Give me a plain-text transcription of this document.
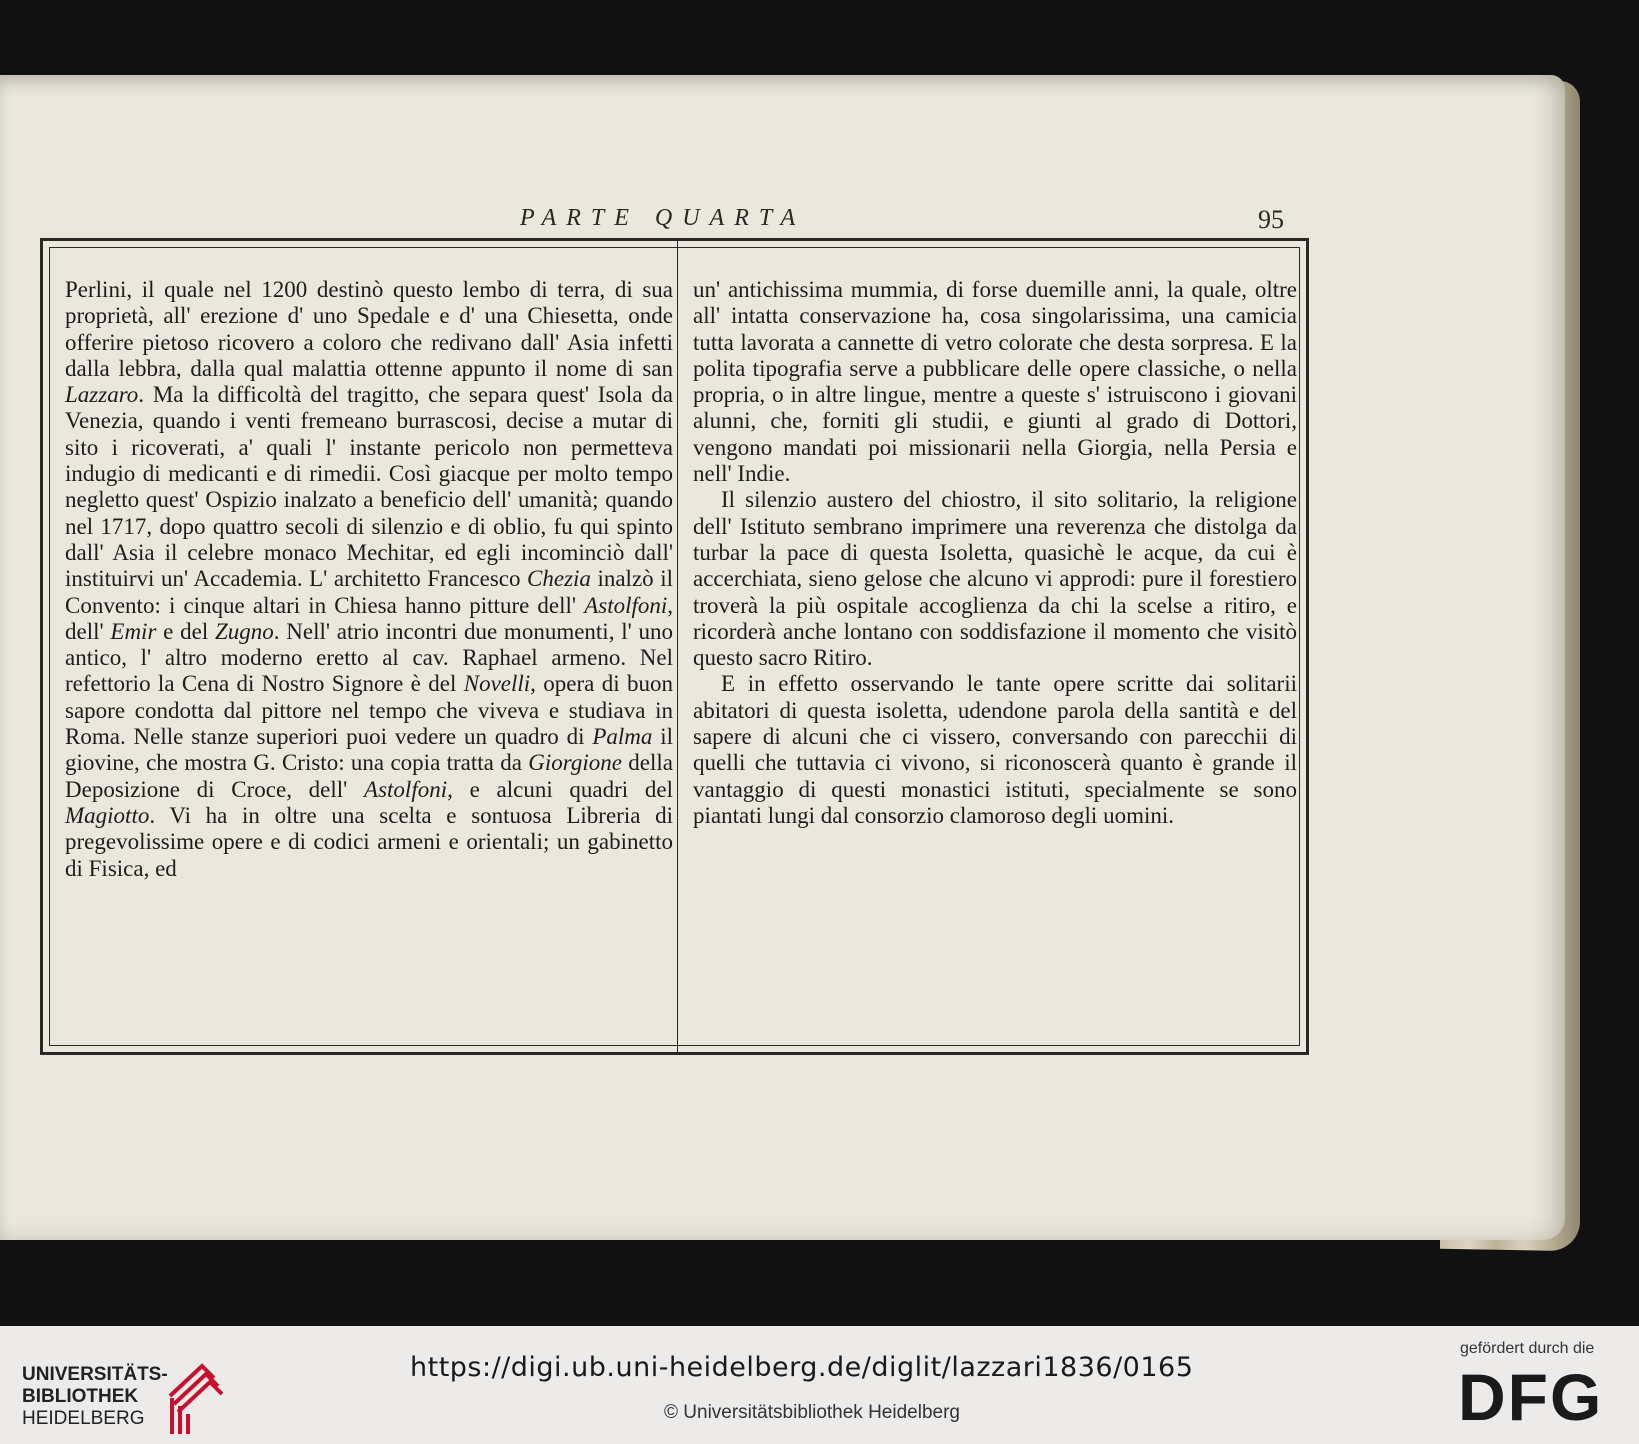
PARTE QUARTA	95

Perlini, il quale nel 1200 destinò questo lembo di terra, di sua proprietà, all' erezione d' uno Spedale e d' una Chiesetta, onde offerire pietoso ricovero a coloro che redivano dall' Asia infetti dalla lebbra, dalla qual malattia ottenne appunto il nome di san Lazzaro. Ma la difficoltà del tragitto, che separa quest' Isola da Venezia, quando i venti fremeano burrascosi, decise a mutar di sito i ricoverati, a' quali l' instante pericolo non permetteva indugio di medicanti e di rimedii. Così giacque per molto tempo negletto quest' Ospizio inalzato a beneficio dell' umanità; quando nel 1717, dopo quattro secoli di silenzio e di oblio, fu qui spinto dall' Asia il celebre monaco Mechitar, ed egli incominciò dall' instituirvi un' Accademia. L' architetto Francesco Chezia inalzò il Convento: i cinque altari in Chiesa hanno pitture dell' Astolfoni, dell' Emir e del Zugno. Nell' atrio incontri due monumenti, l' uno antico, l' altro moderno eretto al cav. Raphael armeno. Nel refettorio la Cena di Nostro Signore è del Novelli, opera di buon sapore condotta dal pittore nel tempo che viveva e studiava in Roma. Nelle stanze superiori puoi vedere un quadro di Palma il giovine, che mostra G. Cristo: una copia tratta da Giorgione della Deposizione di Croce, dell' Astolfoni, e alcuni quadri del Magiotto. Vi ha in oltre una scelta e sontuosa Libreria di pregevolissime opere e di codici armeni e orientali; un gabinetto di Fisica, ed

un' antichissima mummia, di forse duemille anni, la quale, oltre all' intatta conservazione ha, cosa singolarissima, una camicia tutta lavorata a cannette di vetro colorate che desta sorpresa. E la polita tipografia serve a pubblicare delle opere classiche, o nella propria, o in altre lingue, mentre a queste s' istruiscono i giovani alunni, che, forniti gli studii, e giunti al grado di Dottori, vengono mandati poi missionarii nella Giorgia, nella Persia e nell' Indie.

Il silenzio austero del chiostro, il sito solitario, la religione dell' Istituto sembrano imprimere una reverenza che distolga da turbar la pace di questa Isoletta, quasichè le acque, da cui è accerchiata, sieno gelose che alcuno vi approdi: pure il forestiero troverà la più ospitale accoglienza da chi la scelse a ritiro, e ricorderà anche lontano con soddisfazione il momento che visitò questo sacro Ritiro.

E in effetto osservando le tante opere scritte dai solitarii abitatori di questa isoletta, udendone parola della santità e del sapere di alcuni che ci vissero, conversando con parecchii di quelli che tuttavia ci vivono, si riconoscerà quanto è grande il vantaggio di questi monastici istituti, specialmente se sono piantati lungi dal consorzio clamoroso degli uomini.

UNIVERSITÄTS-
BIBLIOTHEK
HEIDELBERG
https://digi.ub.uni-heidelberg.de/diglit/lazzari1836/0165
© Universitätsbibliothek Heidelberg
gefördert durch die
DFG
